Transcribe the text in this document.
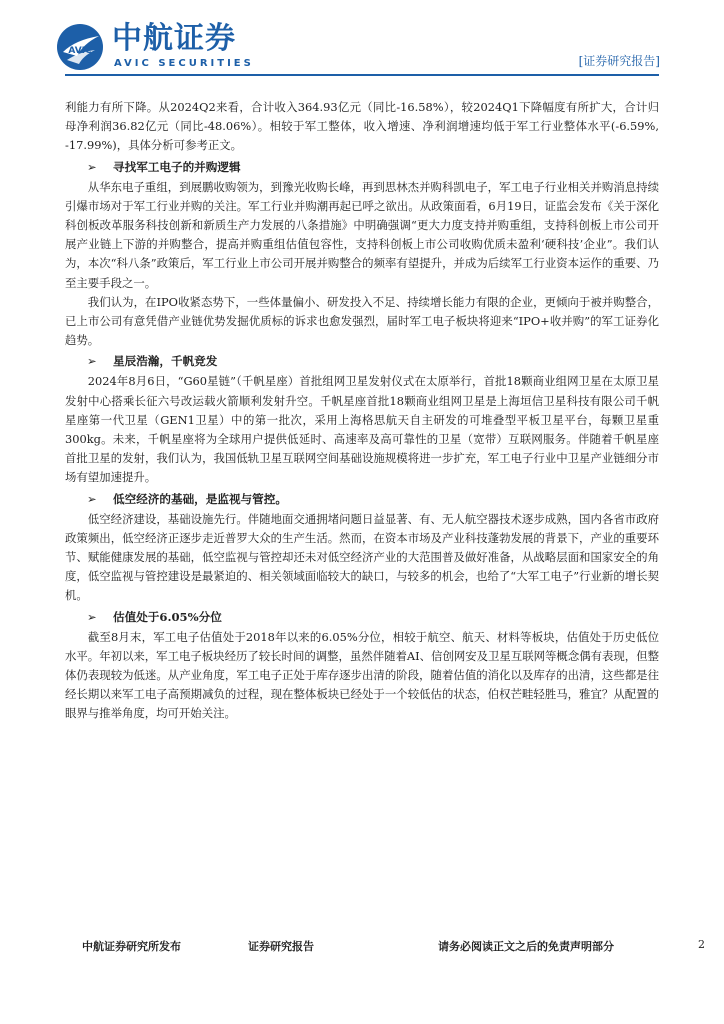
AVIC 中航证券
AVIC SECURITIES	[证券研究报告]

利能力有所下降。从2024Q2来看，合计收入364.93亿元（同比-16.58%），较2024Q1下降幅度有所扩大，合计归母净利润36.82亿元（同比-48.06%）。相较于军工整体，收入增速、净利润增速均低于军工行业整体水平(-6.59%, -17.99%)，具体分析可参考正文。

➢ 寻找军工电子的并购逻辑

从华东电子重组，到展鹏收购领为，到豫光收购长峰，再到思林杰并购科凯电子，军工电子行业相关并购消息持续引爆市场对于军工行业并购的关注。军工行业并购潮再起已呼之欲出。从政策面看，6月19日，证监会发布《关于深化科创板改革服务科技创新和新质生产力发展的八条措施》中明确强调“更大力度支持并购重组，支持科创板上市公司开展产业链上下游的并购整合，提高并购重组估值包容性，支持科创板上市公司收购优质未盈利‘硬科技’企业”。我们认为，本次“科八条”政策后，军工行业上市公司开展并购整合的频率有望提升，并成为后续军工行业资本运作的重要、乃至主要手段之一。

我们认为，在IPO收紧态势下，一些体量偏小、研发投入不足、持续增长能力有限的企业，更倾向于被并购整合，已上市公司有意凭借产业链优势发掘优质标的诉求也愈发强烈，届时军工电子板块将迎来“IPO+收并购”的军工证券化趋势。

➢ 星辰浩瀚，千帆竞发

2024年8月6日，“G60星链”（千帆星座）首批组网卫星发射仪式在太原举行，首批18颗商业组网卫星在太原卫星发射中心搭乘长征六号改运载火箭顺利发射升空。千帆星座首批18颗商业组网卫星是上海垣信卫星科技有限公司千帆星座第一代卫星（GEN1卫星）中的第一批次，采用上海格思航天自主研发的可堆叠型平板卫星平台，每颗卫星重300kg。未来，千帆星座将为全球用户提供低延时、高速率及高可靠性的卫星（宽带）互联网服务。伴随着千帆星座首批卫星的发射，我们认为，我国低轨卫星互联网空间基础设施规模将进一步扩充，军工电子行业中卫星产业链细分市场有望加速提升。

➢ 低空经济的基础，是监视与管控。

低空经济建设，基础设施先行。伴随地面交通拥堵问题日益显著、有、无人航空器技术逐步成熟，国内各省市政府政策频出，低空经济正逐步走近普罗大众的生产生活。然而，在资本市场及产业科技蓬勃发展的背景下，产业的重要环节、赋能健康发展的基础，低空监视与管控却还未对低空经济产业的大范围普及做好准备，从战略层面和国家安全的角度，低空监视与管控建设是最紧迫的、相关领域面临较大的缺口，与较多的机会，也给了“大军工电子”行业新的增长契机。

➢ 估值处于6.05%分位

截至8月末，军工电子估值处于2018年以来的6.05%分位，相较于航空、航天、材料等板块，估值处于历史低位水平。年初以来，军工电子板块经历了较长时间的调整，虽然伴随着AI、信创网安及卫星互联网等概念偶有表现，但整体仍表现较为低迷。从产业角度，军工电子正处于库存逐步出清的阶段，随着估值的消化以及库存的出清，这些都是往经长期以来军工电子高预期减负的过程，现在整体板块已经处于一个较低估的状态，伯权芒畦轻胜马，雅宜？从配置的眼界与推举角度，均可开始关注。

中航证券研究所发布	证券研究报告	请务必阅读正文之后的免责声明部分	2
